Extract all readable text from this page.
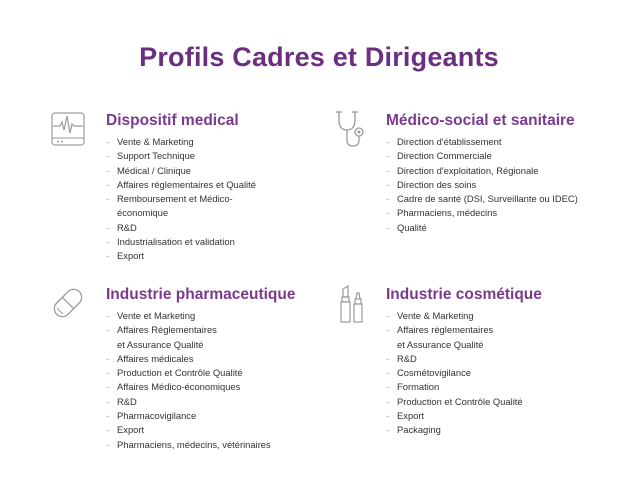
Profils Cadres et Dirigeants
Dispositif medical
- Vente & Marketing
- Support Technique
- Médical / Clinique
- Affaires réglementaires et Qualité
- Remboursement et Médico-
économique
- R&D
- Industrialisation et validation
- Export
Médico-social et sanitaire
- Direction d'établissement
- Direction Commerciale
- Direction d'exploitation, Régionale
- Direction des soins
- Cadre de santé (DSI, Surveillante ou IDEC)
- Pharmaciens, médecins
- Qualité
Industrie pharmaceutique
- Vente et Marketing
- Affaires Règlementaires
et Assurance Qualité
- Affaires médicales
- Production et Contrôle Qualité
- Affaires Médico-économiques
- R&D
- Pharmacovigilance
- Export
- Pharmaciens, médecins, vétérinaires
Industrie cosmétique
- Vente & Marketing
- Affaires réglementaires
et Assurance Qualité
- R&D
- Cosmétovigilance
- Formation
- Production et Contrôle Qualité
- Export
- Packaging
